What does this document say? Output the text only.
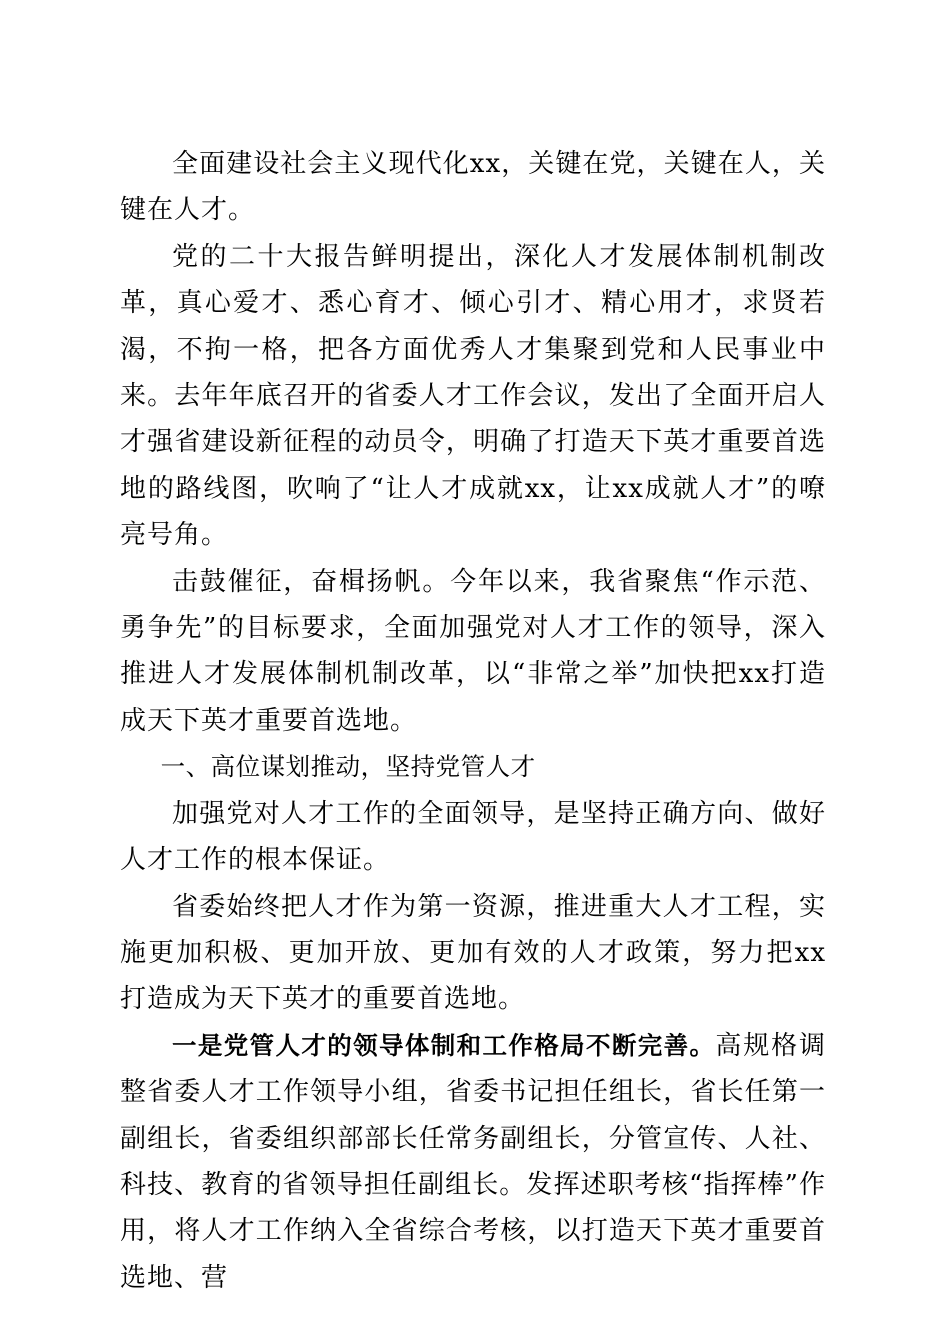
全面建设社会主义现代化xx，关键在党，关键在人，关键在人才。

党的二十大报告鲜明提出，深化人才发展体制机制改革，真心爱才、悉心育才、倾心引才、精心用才，求贤若渴，不拘一格，把各方面优秀人才集聚到党和人民事业中来。去年年底召开的省委人才工作会议，发出了全面开启人才强省建设新征程的动员令，明确了打造天下英才重要首选地的路线图，吹响了“让人才成就xx，让xx成就人才”的嘹亮号角。

击鼓催征，奋楫扬帆。今年以来，我省聚焦“作示范、勇争先”的目标要求，全面加强党对人才工作的领导，深入推进人才发展体制机制改革，以“非常之举”加快把xx打造成天下英才重要首选地。

一、高位谋划推动，坚持党管人才

加强党对人才工作的全面领导，是坚持正确方向、做好人才工作的根本保证。

省委始终把人才作为第一资源，推进重大人才工程，实施更加积极、更加开放、更加有效的人才政策，努力把xx打造成为天下英才的重要首选地。

一是党管人才的领导体制和工作格局不断完善。高规格调整省委人才工作领导小组，省委书记担任组长，省长任第一副组长，省委组织部部长任常务副组长，分管宣传、人社、科技、教育的省领导担任副组长。发挥述职考核“指挥棒”作用，将人才工作纳入全省综合考核，以打造天下英才重要首选地、营
